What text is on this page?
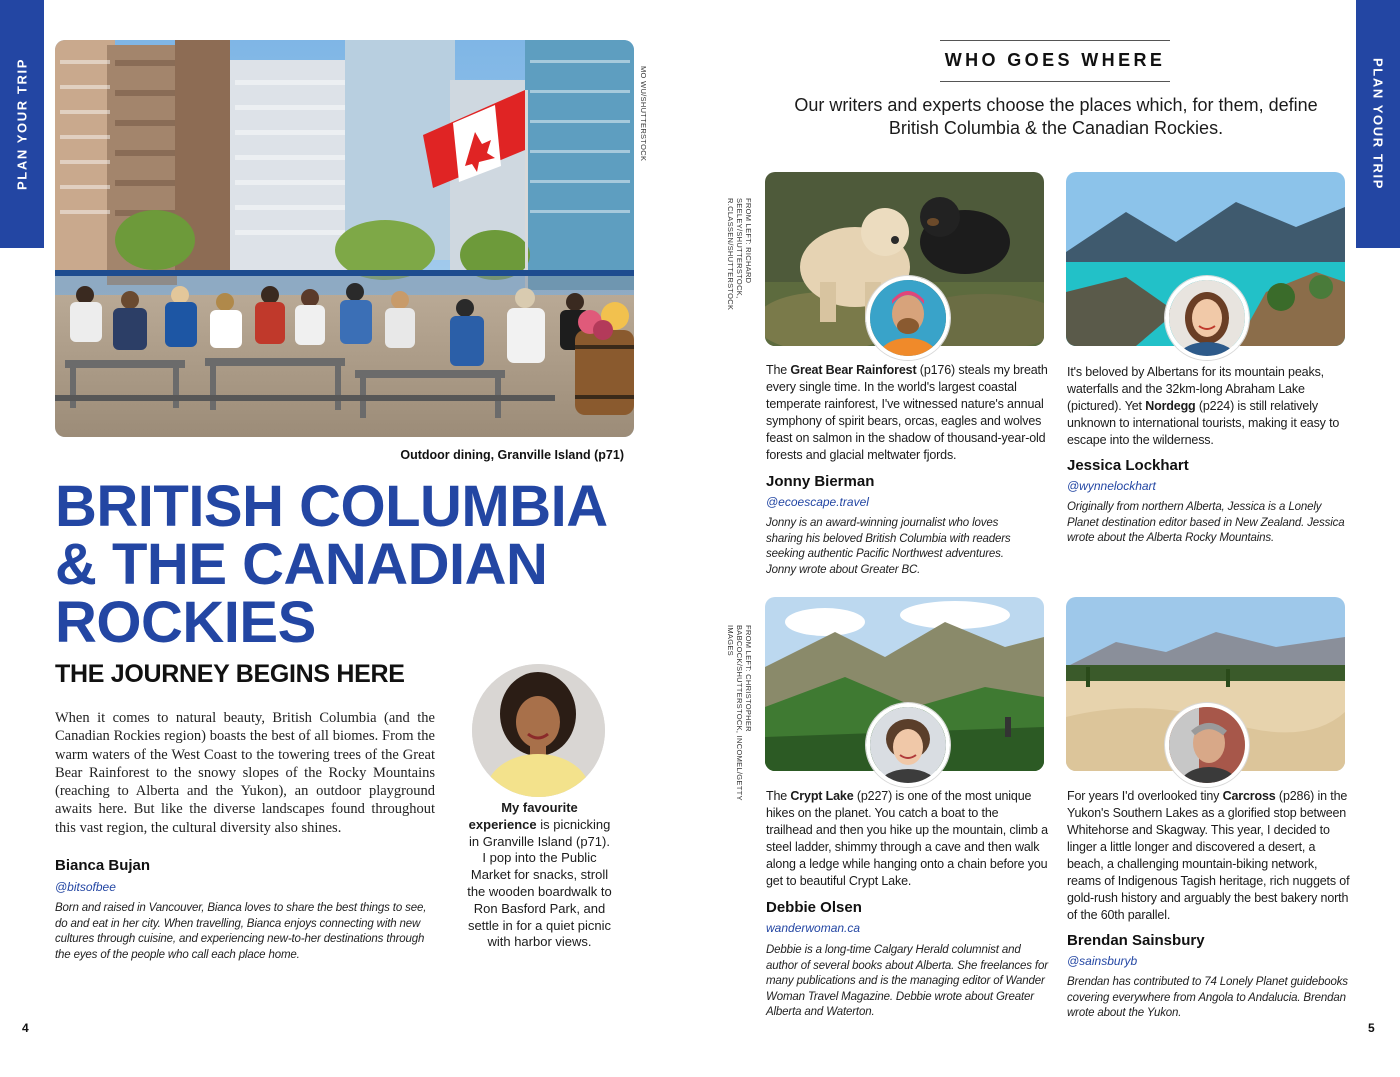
PLAN YOUR TRIP	MO WU/SHUTTERSTOCK
Outdoor dining, Granville Island (p71)
BRITISH COLUMBIA
& THE CANADIAN
ROCKIES
THE JOURNEY BEGINS HERE
When it comes to natural beauty, British Columbia (and the Canadian Rockies region) boasts the best of all biomes. From the warm waters of the West Coast to the towering trees of the Great Bear Rainforest to the snowy slopes of the Rocky Mountains (reaching to Alberta and the Yukon), an outdoor playground awaits here. But like the diverse landscapes found throughout this vast region, the cultural diversity also shines.
Bianca Bujan
@bitsofbee
Born and raised in Vancouver, Bianca loves to share the best things to see, do and eat in her city. When travelling, Bianca enjoys connecting with new cultures through cuisine, and experiencing new-to-her destinations through the eyes of the people who call each place home.
My favourite experience is picnicking in Granville Island (p71). I pop into the Public Market for snacks, stroll the wooden boardwalk to Ron Basford Park, and settle in for a quiet picnic with harbor views.
4
PLAN YOUR TRIP
WHO GOES WHERE
Our writers and experts choose the places which, for them, define
British Columbia & the Canadian Rockies.
FROM LEFT: RICHARD SEELEY/SHUTTERSTOCK, R.CLASSEN/SHUTTERSTOCK
FROM LEFT: CHRISTOPHER BABCOCK/SHUTTERSTOCK, INCOMEL/GETTY IMAGES
The Great Bear Rainforest (p176) steals my breath every single time. In the world's largest coastal temperate rainforest, I've witnessed nature's annual symphony of spirit bears, orcas, eagles and wolves feast on salmon in the shadow of thousand-year-old forests and glacial meltwater fjords.
Jonny Bierman
@ecoescape.travel
Jonny is an award-winning journalist who loves sharing his beloved British Columbia with readers seeking authentic Pacific Northwest adventures. Jonny wrote about Greater BC.
It's beloved by Albertans for its mountain peaks, waterfalls and the 32km-long Abraham Lake (pictured). Yet Nordegg (p224) is still relatively unknown to international tourists, making it easy to escape into the wilderness.
Jessica Lockhart
@wynnelockhart
Originally from northern Alberta, Jessica is a Lonely Planet destination editor based in New Zealand. Jessica wrote about the Alberta Rocky Mountains.
The Crypt Lake (p227) is one of the most unique hikes on the planet. You catch a boat to the trailhead and then you hike up the mountain, climb a steel ladder, shimmy through a cave and then walk along a ledge while hanging onto a chain before you get to beautiful Crypt Lake.
Debbie Olsen
wanderwoman.ca
Debbie is a long-time Calgary Herald columnist and author of several books about Alberta. She freelances for many publications and is the managing editor of Wander Woman Travel Magazine. Debbie wrote about Greater Alberta and Waterton.
For years I'd overlooked tiny Carcross (p286) in the Yukon's Southern Lakes as a glorified stop between Whitehorse and Skagway. This year, I decided to linger a little longer and discovered a desert, a beach, a challenging mountain-biking network, reams of Indigenous Tagish heritage, rich nuggets of gold-rush history and arguably the best bakery north of the 60th parallel.
Brendan Sainsbury
@sainsburyb
Brendan has contributed to 74 Lonely Planet guidebooks covering everywhere from Angola to Andalucia. Brendan wrote about the Yukon.
5
